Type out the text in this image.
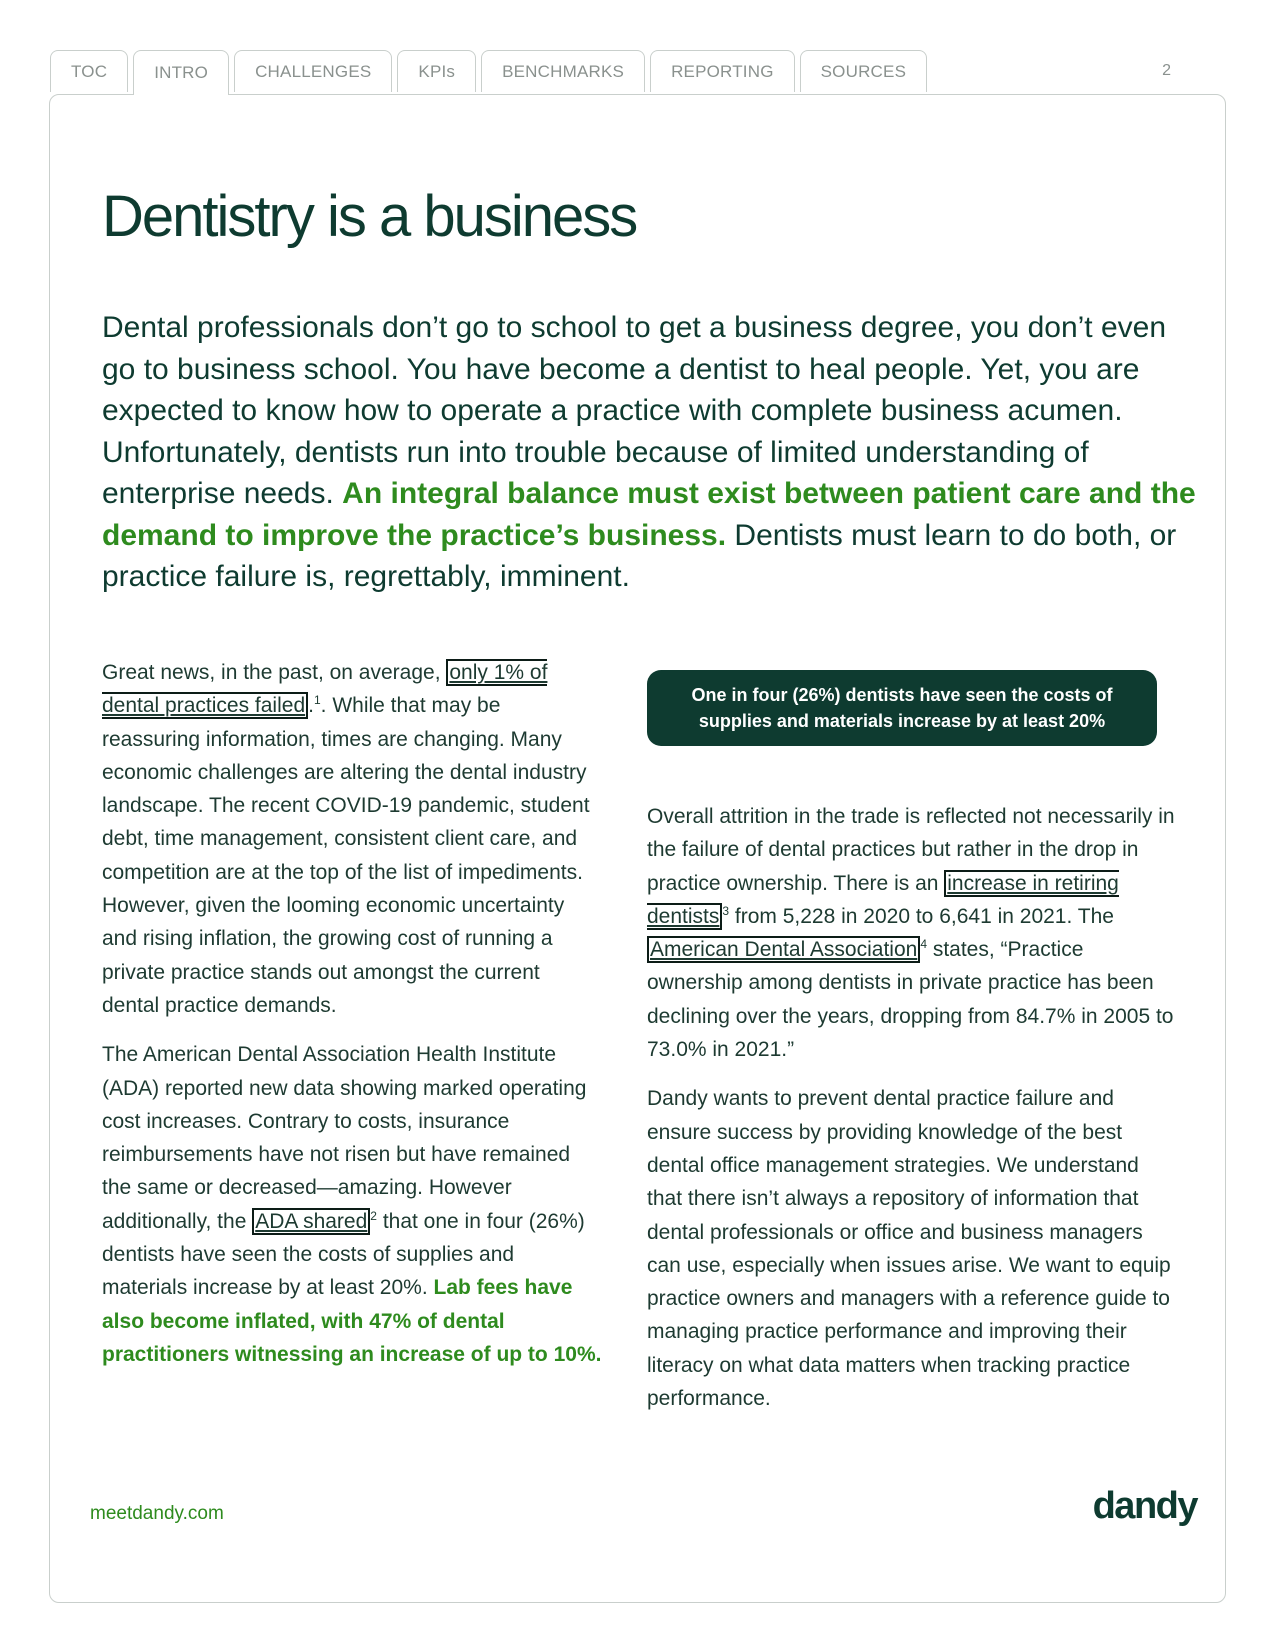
TOC	INTRO	CHALLENGES	KPIs	BENCHMARKS	REPORTING	SOURCES	2
Dentistry is a business

Dental professionals don’t go to school to get a business degree, you don’t even go to business school. You have become a dentist to heal people. Yet, you are expected to know how to operate a practice with complete business acumen. Unfortunately, dentists run into trouble because of limited understanding of enterprise needs. An integral balance must exist between patient care and the demand to improve the practice’s business. Dentists must learn to do both, or practice failure is, regrettably, imminent.

Great news, in the past, on average, only 1% of dental practices failed .$^1$. While that may be reassuring information, times are changing. Many economic challenges are altering the dental industry landscape. The recent COVID-19 pandemic, student debt, time management, consistent client care, and competition are at the top of the list of impediments. However, given the looming economic uncertainty and rising inflation, the growing cost of running a private practice stands out amongst the current dental practice demands.

The American Dental Association Health Institute (ADA) reported new data showing marked operating cost increases. Contrary to costs, insurance reimbursements have not risen but have remained the same or decreased—amazing. However additionally, the ADA shared $^2$ that one in four (26%) dentists have seen the costs of supplies and materials increase by at least 20%. Lab fees have also become inflated, with 47% of dental practitioners witnessing an increase of up to 10%.

One in four (26%) dentists have seen the costs of supplies and materials increase by at least 20%

Overall attrition in the trade is reflected not necessarily in the failure of dental practices but rather in the drop in practice ownership. There is an increase in retiring dentists $^3$ from 5,228 in 2020 to 6,641 in 2021. The American Dental Association $^4$ states, “Practice ownership among dentists in private practice has been declining over the years, dropping from 84.7% in 2005 to 73.0% in 2021.”

Dandy wants to prevent dental practice failure and ensure success by providing knowledge of the best dental office management strategies. We understand that there isn’t always a repository of information that dental professionals or office and business managers can use, especially when issues arise. We want to equip practice owners and managers with a reference guide to managing practice performance and improving their literacy on what data matters when tracking practice performance.

meetdandy.com	dandy
